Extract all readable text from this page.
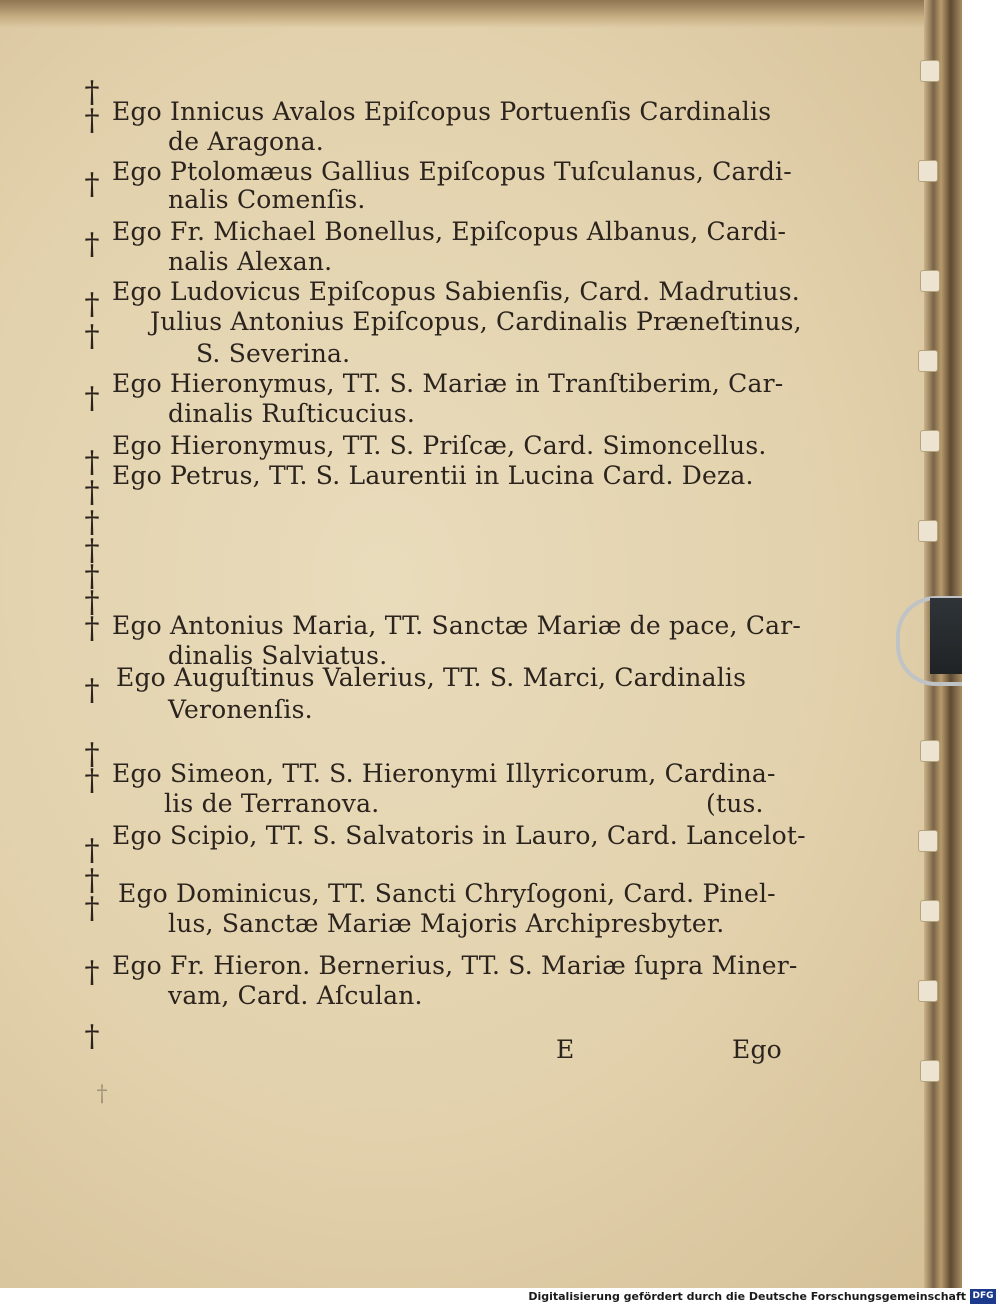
†
†
†
†
†
†
†
†
†
†
†
†
†
†
†
†
†
†
†
†
†
†
†
Ego Innicus Avalos Epiſcopus Portuenſis Cardinalis
de Aragona.
Ego Ptolomæus Gallius Epiſcopus Tuſculanus, Cardi-
nalis Comenſis.
Ego Fr. Michael Bonellus, Epiſcopus Albanus, Cardi-
nalis Alexan.
Ego Ludovicus Epiſcopus Sabienſis, Card. Madrutius.
Julius Antonius Epiſcopus, Cardinalis Præneſtinus,
S. Severina.
Ego Hieronymus, TT. S. Mariæ in Tranſtiberim, Car-
dinalis Ruſticucius.
Ego Hieronymus, TT. S. Priſcæ, Card. Simoncellus.
Ego Petrus, TT. S. Laurentii in Lucina Card. Deza.
Ego Antonius Maria, TT. Sanctæ Mariæ de pace, Car-
dinalis Salviatus.
Ego Auguſtinus Valerius, TT. S. Marci, Cardinalis
Veronenſis.
Ego Simeon, TT. S. Hieronymi Illyricorum, Cardina-
lis de Terranova.	(tus.
Ego Scipio, TT. S. Salvatoris in Lauro, Card. Lancelot-
Ego Dominicus, TT. Sancti Chryſogoni, Card. Pinel-
lus, Sanctæ Mariæ Majoris Archipresbyter.
Ego Fr. Hieron. Bernerius, TT. S. Mariæ ſupra Miner-
vam, Card. Aſculan.
E	Ego
Digitalisierung gefördert durch die Deutsche Forschungsgemeinschaft DFG
